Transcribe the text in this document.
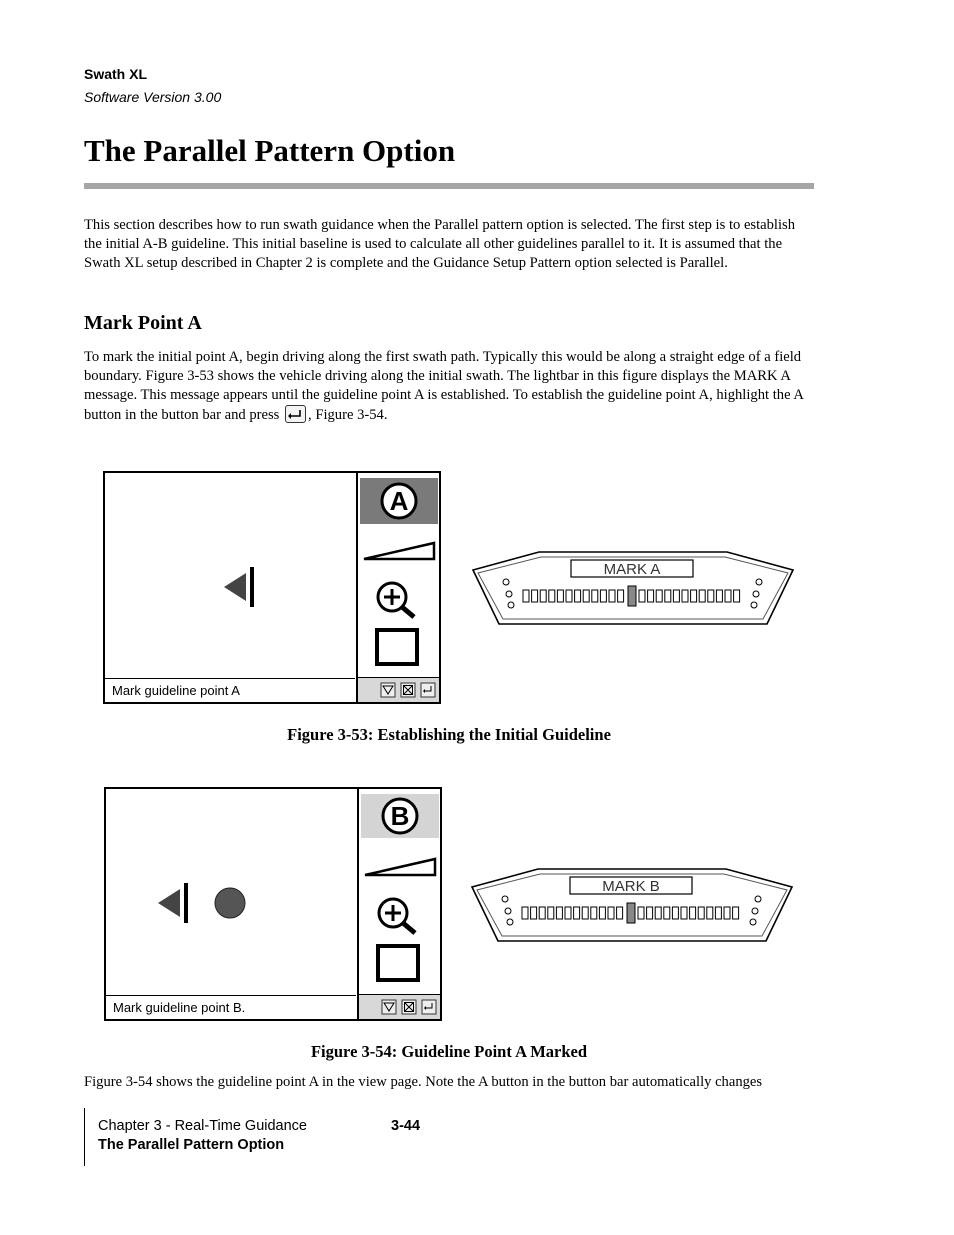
Swath XL
Software Version 3.00
The Parallel Pattern Option

This section describes how to run swath guidance when the Parallel pattern option is selected. The first step is to establish the initial A-B guideline. This initial baseline is used to calculate all other guidelines parallel to it. It is assumed that the Swath XL setup described in Chapter 2 is complete and the Guidance Setup Pattern option selected is Parallel.

Mark Point A

To mark the initial point A, begin driving along the first swath path. Typically this would be along a straight edge of a field boundary. Figure 3-53 shows the vehicle driving along the initial swath. The lightbar in this figure displays the MARK A message. This message appears until the guideline point A is established. To establish the guideline point A, highlight the A button in the button bar and press , Figure 3-54.

Mark guideline point A
A
MARK A
Figure 3-53: Establishing the Initial Guideline
Mark guideline point B.
B
MARK B
Figure 3-54: Guideline Point A Marked

Figure 3-54 shows the guideline point A in the view page. Note the A button in the button bar automatically changes

Chapter 3 - Real-Time Guidance
The Parallel Pattern Option
3-44
